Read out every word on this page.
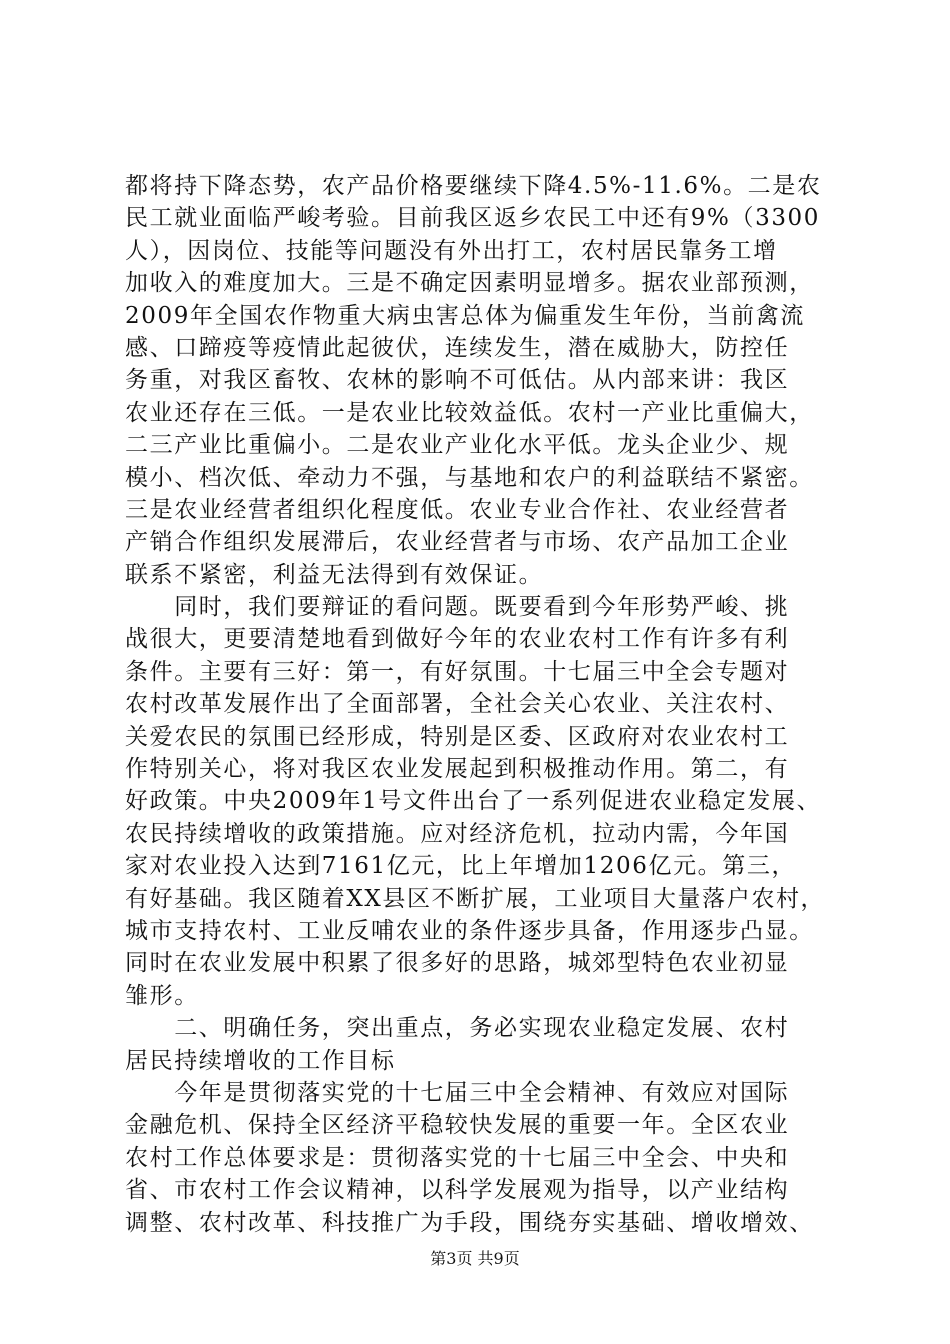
都将持下降态势，农产品价格要继续下降4.5%-11.6%。二是农
民工就业面临严峻考验。目前我区返乡农民工中还有9%（3300
人），因岗位、技能等问题没有外出打工，农村居民靠务工增
加收入的难度加大。三是不确定因素明显增多。据农业部预测，
2009年全国农作物重大病虫害总体为偏重发生年份，当前禽流
感、口蹄疫等疫情此起彼伏，连续发生，潜在威胁大，防控任
务重，对我区畜牧、农林的影响不可低估。从内部来讲：我区
农业还存在三低。一是农业比较效益低。农村一产业比重偏大，
二三产业比重偏小。二是农业产业化水平低。龙头企业少、规
模小、档次低、牵动力不强，与基地和农户的利益联结不紧密。
三是农业经营者组织化程度低。农业专业合作社、农业经营者
产销合作组织发展滞后，农业经营者与市场、农产品加工企业
联系不紧密，利益无法得到有效保证。
　　同时，我们要辩证的看问题。既要看到今年形势严峻、挑
战很大，更要清楚地看到做好今年的农业农村工作有许多有利
条件。主要有三好：第一，有好氛围。十七届三中全会专题对
农村改革发展作出了全面部署，全社会关心农业、关注农村、
关爱农民的氛围已经形成，特别是区委、区政府对农业农村工
作特别关心，将对我区农业发展起到积极推动作用。第二，有
好政策。中央2009年1号文件出台了一系列促进农业稳定发展、
农民持续增收的政策措施。应对经济危机，拉动内需，今年国
家对农业投入达到7161亿元，比上年增加1206亿元。第三，
有好基础。我区随着XX县区不断扩展，工业项目大量落户农村，
城市支持农村、工业反哺农业的条件逐步具备，作用逐步凸显。
同时在农业发展中积累了很多好的思路，城郊型特色农业初显
雏形。
　　二、明确任务，突出重点，务必实现农业稳定发展、农村
居民持续增收的工作目标
　　今年是贯彻落实党的十七届三中全会精神、有效应对国际
金融危机、保持全区经济平稳较快发展的重要一年。全区农业
农村工作总体要求是：贯彻落实党的十七届三中全会、中央和
省、市农村工作会议精神，以科学发展观为指导，以产业结构
调整、农村改革、科技推广为手段，围绕夯实基础、增收增效、
第3页 共9页
